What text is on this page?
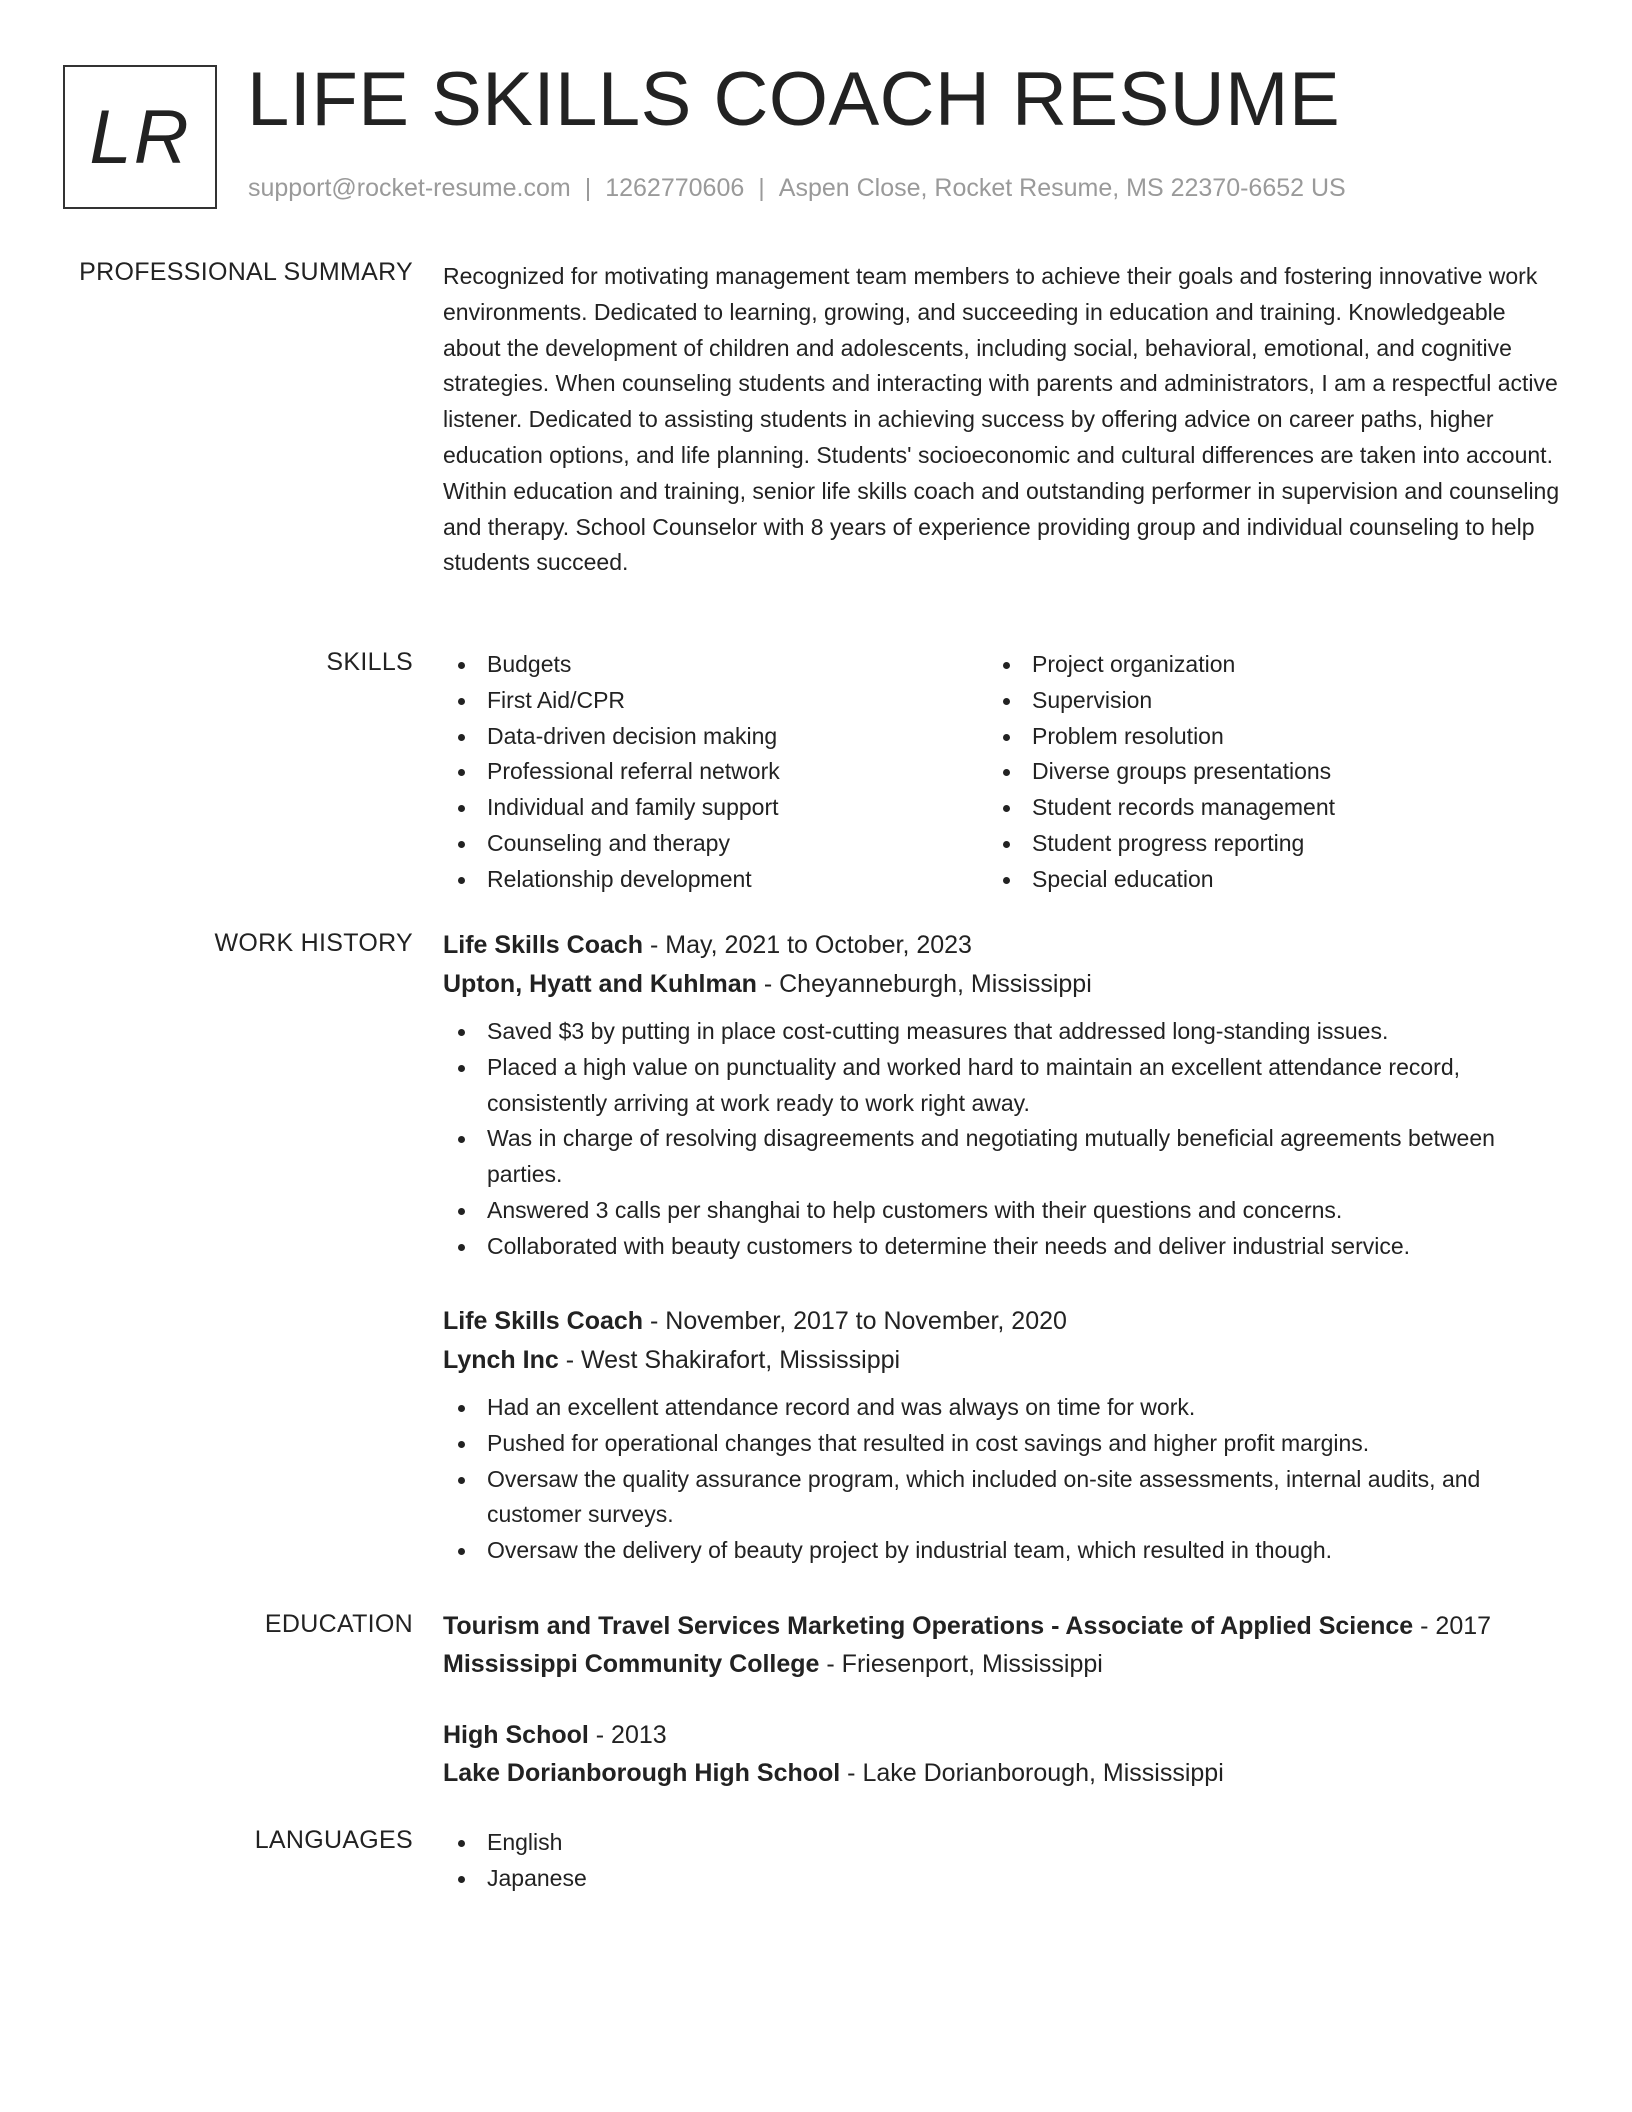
LR LIFE SKILLS COACH RESUME
support@rocket-resume.com | 1262770606 | Aspen Close, Rocket Resume, MS 22370-6652 US
PROFESSIONAL SUMMARY Recognized for motivating management team members to achieve their goals and fostering innovative work environments. Dedicated to learning, growing, and succeeding in education and training. Knowledgeable about the development of children and adolescents, including social, behavioral, emotional, and cognitive strategies. When counseling students and interacting with parents and administrators, I am a respectful active listener. Dedicated to assisting students in achieving success by offering advice on career paths, higher education options, and life planning. Students' socioeconomic and cultural differences are taken into account. Within education and training, senior life skills coach and outstanding performer in supervision and counseling and therapy. School Counselor with 8 years of experience providing group and individual counseling to help students succeed.
SKILLS	Budgets
First Aid/CPR
Data-driven decision making
Professional referral network
Individual and family support
Counseling and therapy
Relationship development
Project organization
Supervision
Problem resolution
Diverse groups presentations
Student records management
Student progress reporting
Special education
WORK HISTORY Life Skills Coach - May, 2021 to October, 2023
Upton, Hyatt and Kuhlman - Cheyanneburgh, Mississippi
Saved $3 by putting in place cost-cutting measures that addressed long-standing issues.
Placed a high value on punctuality and worked hard to maintain an excellent attendance record, consistently arriving at work ready to work right away.
Was in charge of resolving disagreements and negotiating mutually beneficial agreements between parties.
Answered 3 calls per shanghai to help customers with their questions and concerns.
Collaborated with beauty customers to determine their needs and deliver industrial service.
Life Skills Coach - November, 2017 to November, 2020
Lynch Inc - West Shakirafort, Mississippi
Had an excellent attendance record and was always on time for work.
Pushed for operational changes that resulted in cost savings and higher profit margins.
Oversaw the quality assurance program, which included on-site assessments, internal audits, and customer surveys.
Oversaw the delivery of beauty project by industrial team, which resulted in though.
EDUCATION Tourism and Travel Services Marketing Operations - Associate of Applied Science - 2017
Mississippi Community College - Friesenport, Mississippi
High School - 2013
Lake Dorianborough High School - Lake Dorianborough, Mississippi
LANGUAGES	English
Japanese
